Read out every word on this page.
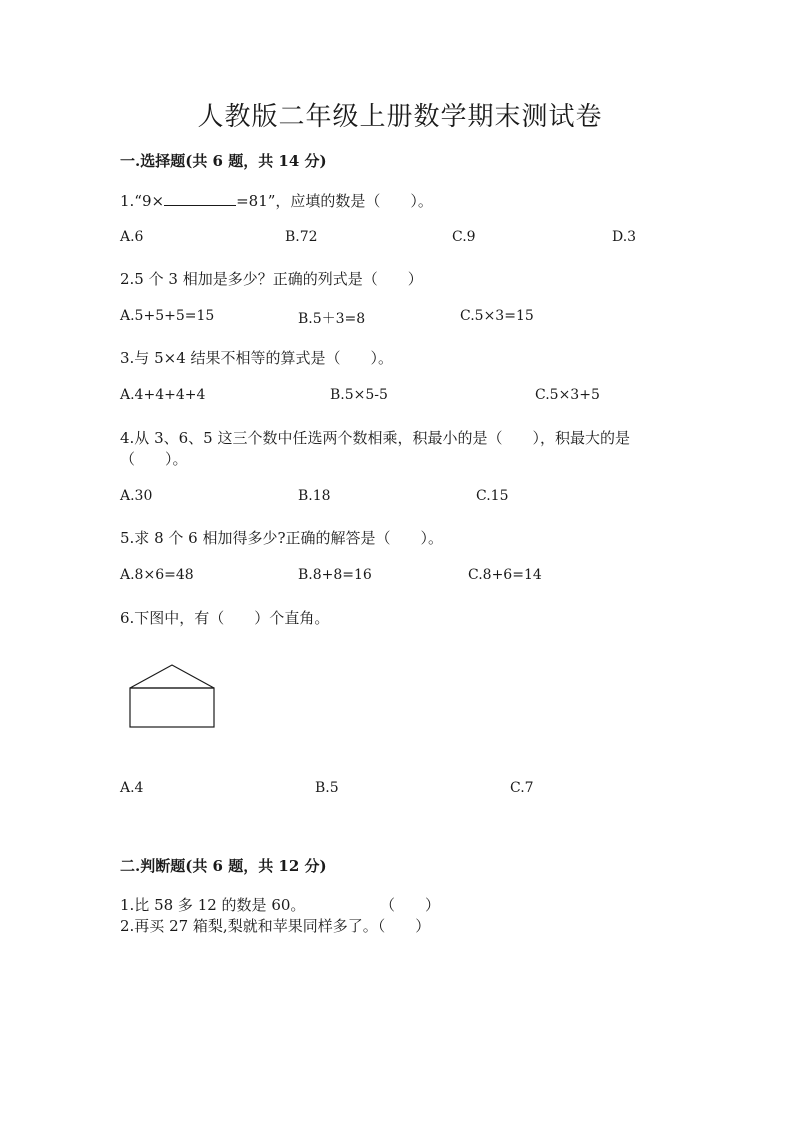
人教版二年级上册数学期末测试卷
一.选择题(共 6 题，共 14 分)
1.“9×	=81”，应填的数是（　　）。
A.6	B.72	C.9	D.3
2.5 个 3 相加是多少？正确的列式是（　　）
A.5+5+5=15	B.5＋3=8	C.5×3=15
3.与 5×4 结果不相等的算式是（　　）。
A.4+4+4+4	B.5×5-5	C.5×3+5
4.从 3、6、5 这三个数中任选两个数相乘，积最小的是（　　），积最大的是
（　　）。
A.30	B.18	C.15
5.求 8 个 6 相加得多少?正确的解答是（　　）。
A.8×6=48	B.8+8=16	C.8+6=14
6.下图中，有（　　）个直角。
A.4	B.5	C.7
二.判断题(共 6 题，共 12 分)
1.比 58 多 12 的数是 60。	（　　）
2.再买 27 箱梨,梨就和苹果同样多了。（　　）
